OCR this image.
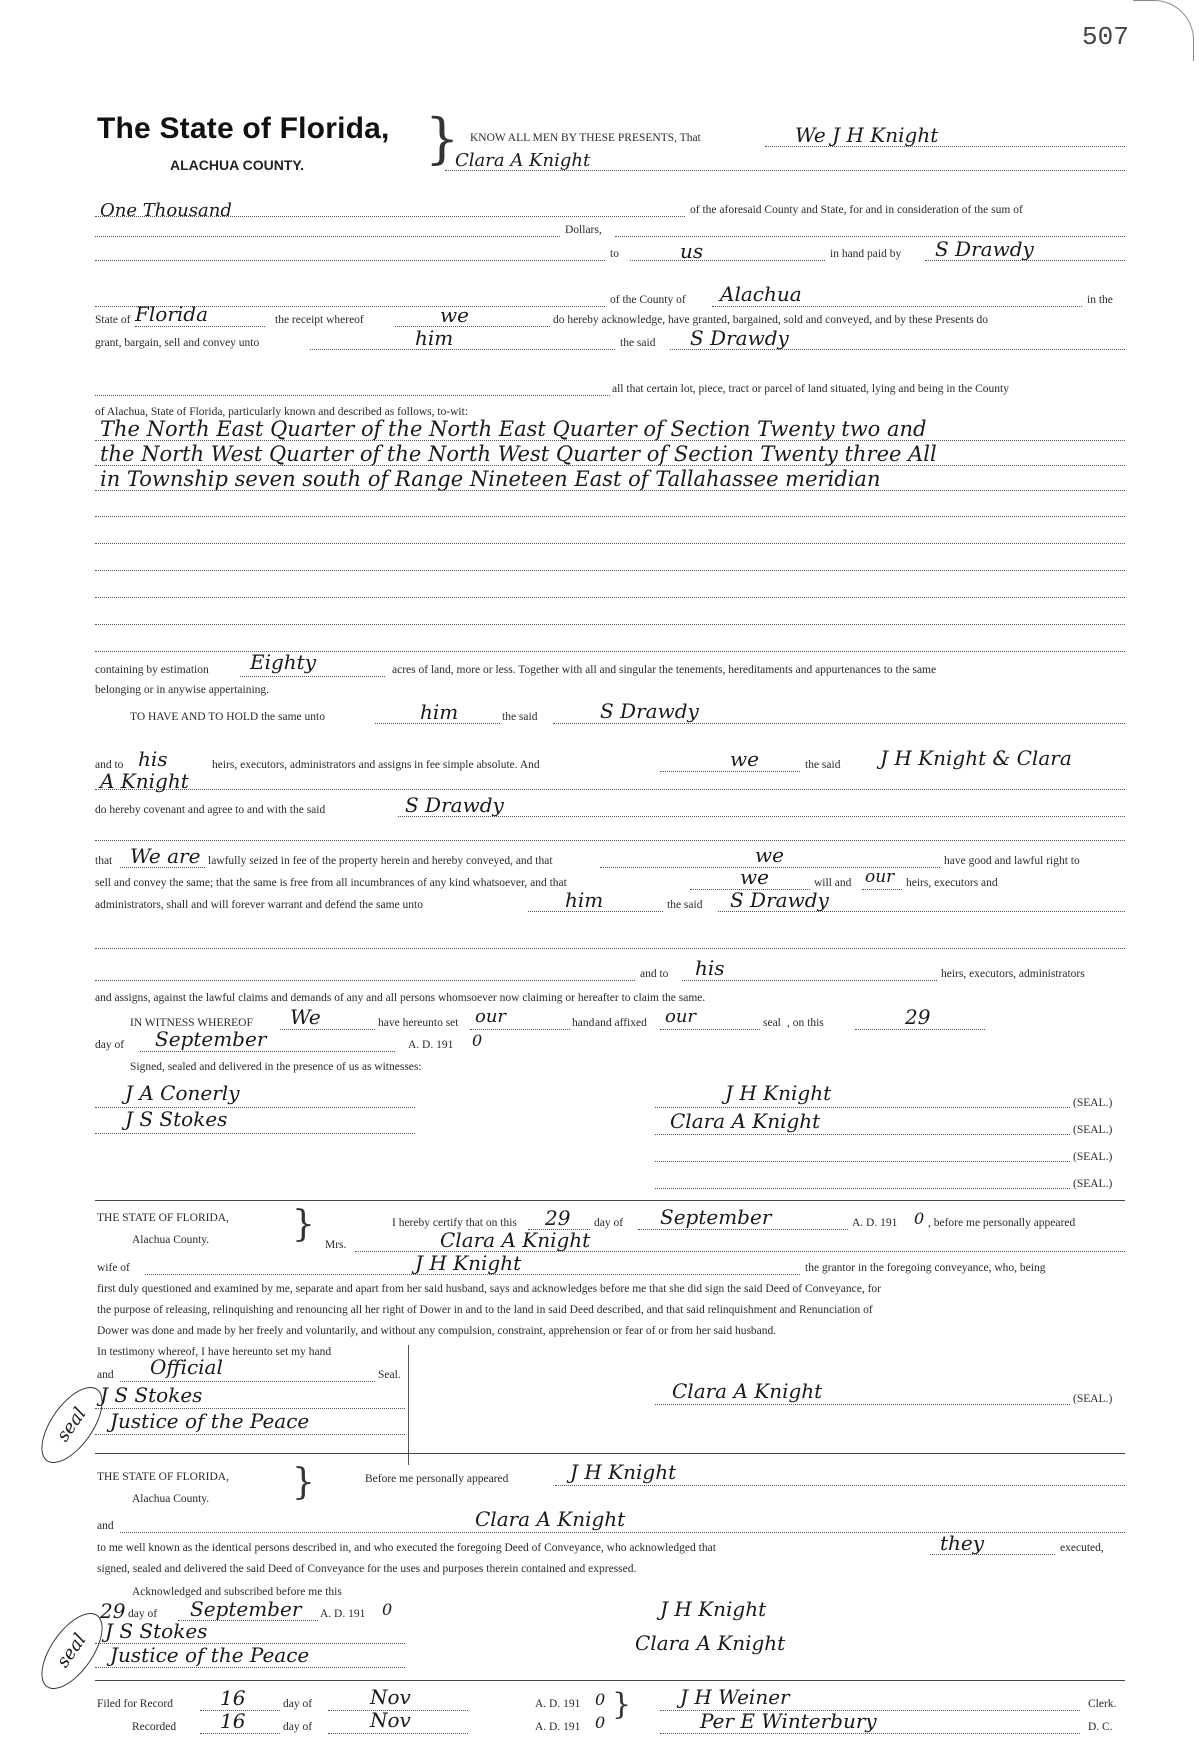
507
The State of Florida,
ALACHUA COUNTY. } KNOW ALL MEN BY THESE PRESENTS, That	We J H Knight
Clara A Knight
One Thousand	of the aforesaid County and State, for and in consideration of the sum of
Dollars,
to	us	in hand paid by S Drawdy
of the County of Alachua	in the
State of Florida	the receipt whereof	we	do hereby acknowledge, have granted, bargained, sold and conveyed, and by these Presents do
grant, bargain, sell and convey unto	him	the said S Drawdy
all that certain lot, piece, tract or parcel of land situated, lying and being in the County
of Alachua, State of Florida, particularly known and described as follows, to-wit:
The North East Quarter of the North East Quarter of Section Twenty two and
the North West Quarter of the North West Quarter of Section Twenty three All
in Township seven south of Range Nineteen East of Tallahassee meridian
containing by estimation Eighty	acres of land, more or less. Together with all and singular the tenements, hereditaments and appurtenances to the same
belonging or in anywise appertaining.
TO HAVE AND TO HOLD the same unto	him	the said	S Drawdy
and to his	heirs, executors, administrators and assigns in fee simple absolute. And	we	the said J H Knight & Clara
A Knight
do hereby covenant and agree to and with the said	S Drawdy
that We are lawfully seized in fee of the property herein and hereby conveyed, and that	we	have good and lawful right to
sell and convey the same; that the same is free from all incumbrances of any kind whatsoever, and that	we	will and our heirs, executors and
administrators, shall and will forever warrant and defend the same unto	him	the said S Drawdy
and to his	heirs, executors, administrators
and assigns, against the lawful claims and demands of any and all persons whomsoever now claiming or hereafter to claim the same.
IN WITNESS WHEREOF We	have hereunto set our	hand and affixed our	seal , on this	29
day of September	A. D. 191 0
Signed, sealed and delivered in the presence of us as witnesses:
J A Conerly
J S Stokes
J H Knight
Clara A Knight
(SEAL.)
(SEAL.)
(SEAL.)
(SEAL.)
THE STATE OF FLORIDA,
Alachua County. }	I hereby certify that on this 29 day of September	A. D. 191 0 , before me personally appeared
Mrs.	Clara A Knight
wife of	J H Knight	the grantor in the foregoing conveyance, who, being
first duly questioned and examined by me, separate and apart from her said husband, says and acknowledges before me that she did sign the said Deed of Conveyance, for
the purpose of releasing, relinquishing and renouncing all her right of Dower in and to the land in said Deed described, and that said relinquishment and Renunciation of
Dower was done and made by her freely and voluntarily, and without any compulsion, constraint, apprehension or fear of or from her said husband.
In testimony whereof, I have hereunto set my hand
and Official	Seal.
J S Stokes
Justice of the Peace
seal
Clara A Knight	(SEAL.)
THE STATE OF FLORIDA,
Alachua County. }	Before me personally appeared	J H Knight
and	Clara A Knight
to me well known as the identical persons described in, and who executed the foregoing Deed of Conveyance, who acknowledged that	they	executed,
signed, sealed and delivered the said Deed of Conveyance for the uses and purposes therein contained and expressed.
Acknowledged and subscribed before me this
29 day of September A. D. 191 0
J S Stokes
Justice of the Peace
seal
J H Knight
Clara A Knight
Filed for Record 16	day of	Nov	A. D. 191 0 } J H Weiner	Clerk.
Recorded 16	day of	Nov	A. D. 191 0	Per E Winterbury	D. C.
